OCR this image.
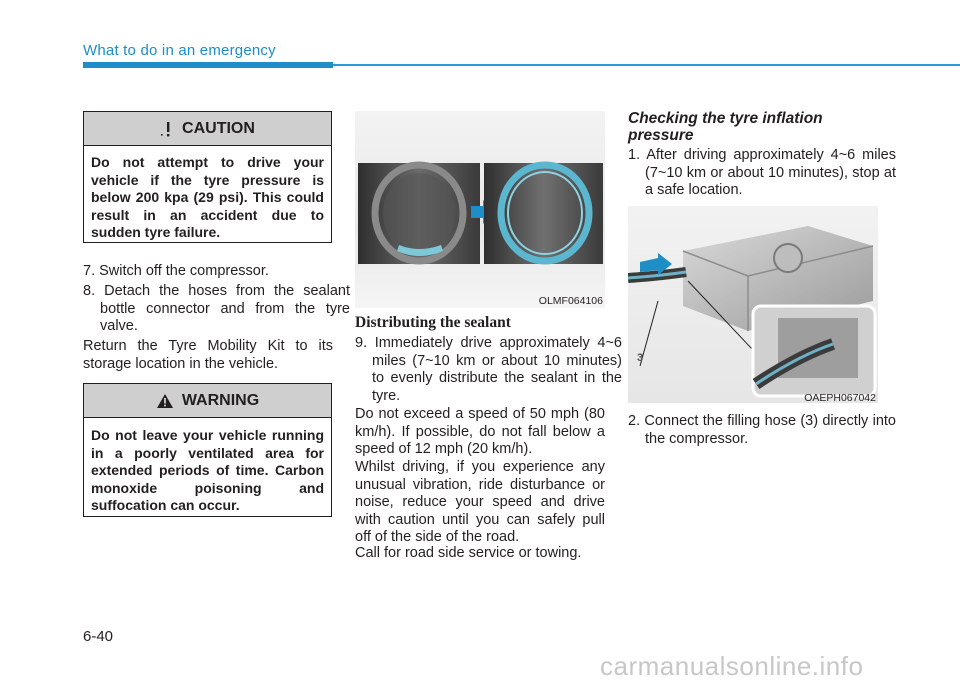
What to do in an emergency
CAUTION
Do not attempt to drive your vehicle if the tyre pressure is below 200 kpa (29 psi). This could result in an accident due to sudden tyre failure.
7. Switch off the compressor.
8. Detach the hoses from the sealant bottle connector and from the tyre valve.
Return the Tyre Mobility Kit to its storage location in the vehicle.
WARNING
Do not leave your vehicle running in a poorly ventilated area for extended periods of time. Carbon monoxide poisoning and suffocation can occur.
OLMF064106
Distributing the sealant
9. Immediately drive approximately 4~6 miles (7~10 km or about 10 minutes) to evenly distribute the sealant in the tyre.
Do not exceed a speed of 50 mph (80 km/h). If possible, do not fall below a speed of 12 mph (20 km/h).
Whilst driving, if you experience any unusual vibration, ride disturbance or noise, reduce your speed and drive with caution until you can safely pull off of the side of the road.
Call for road side service or towing.
Checking the tyre inflation pressure
1. After driving approximately 4~6 miles (7~10 km or about 10 minutes), stop at a safe location.
3
OAEPH067042
2. Connect the filling hose (3) directly into the compressor.
6-40
carmanualsonline.info
